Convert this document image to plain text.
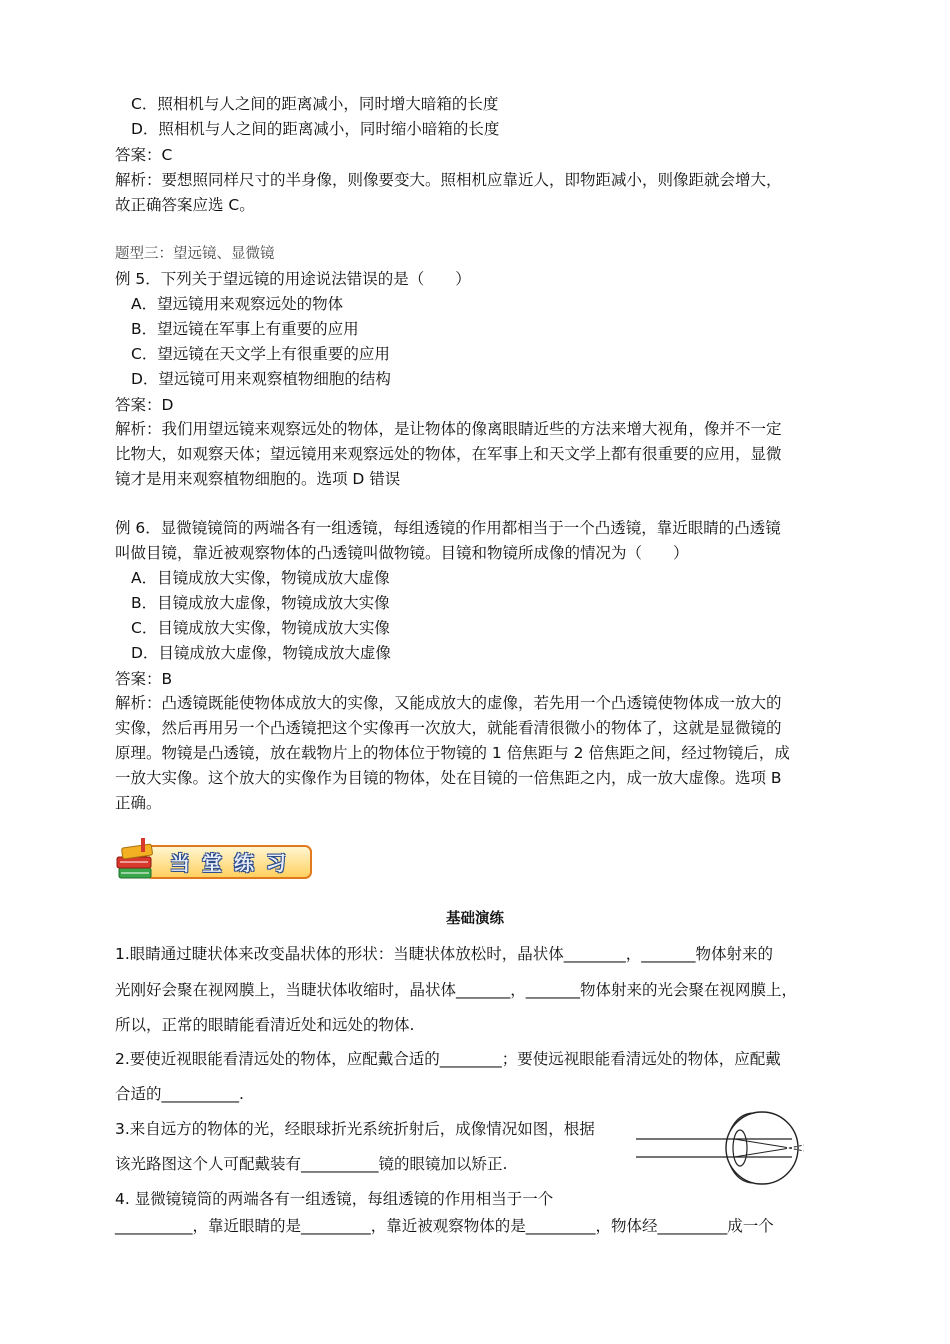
C．照相机与人之间的距离减小，同时增大暗箱的长度
D．照相机与人之间的距离减小，同时缩小暗箱的长度
答案：C
解析：要想照同样尺寸的半身像，则像要变大。照相机应靠近人，即物距减小，则像距就会增大，
故正确答案应选 C。
题型三：望远镜、显微镜
例 5．下列关于望远镜的用途说法错误的是（　　）
A．望远镜用来观察远处的物体
B．望远镜在军事上有重要的应用
C．望远镜在天文学上有很重要的应用
D．望远镜可用来观察植物细胞的结构
答案：D
解析：我们用望远镜来观察远处的物体，是让物体的像离眼睛近些的方法来增大视角，像并不一定
比物大，如观察天体；望远镜用来观察远处的物体，在军事上和天文学上都有很重要的应用，显微
镜才是用来观察植物细胞的。选项 D 错误
例 6．显微镜镜筒的两端各有一组透镜，每组透镜的作用都相当于一个凸透镜，靠近眼睛的凸透镜
叫做目镜，靠近被观察物体的凸透镜叫做物镜。目镜和物镜所成像的情况为（　　）
A．目镜成放大实像，物镜成放大虚像
B．目镜成放大虚像，物镜成放大实像
C．目镜成放大实像，物镜成放大实像
D．目镜成放大虚像，物镜成放大虚像
答案：B
解析：凸透镜既能使物体成放大的实像，又能成放大的虚像，若先用一个凸透镜使物体成一放大的
实像，然后再用另一个凸透镜把这个实像再一次放大，就能看清很微小的物体了，这就是显微镜的
原理。物镜是凸透镜，放在载物片上的物体位于物镜的 1 倍焦距与 2 倍焦距之间，经过物镜后，成
一放大实像。这个放大的实像作为目镜的物体，处在目镜的一倍焦距之内，成一放大虚像。选项 B
正确。
当堂练习
基础演练
1.眼睛通过睫状体来改变晶状体的形状：当睫状体放松时，晶状体________，_______物体射来的
光刚好会聚在视网膜上，当睫状体收缩时，晶状体_______，_______物体射来的光会聚在视网膜上，
所以，正常的眼睛能看清近处和远处的物体.
2.要使近视眼能看清远处的物体，应配戴合适的________；要使远视眼能看清远处的物体，应配戴
合适的__________.
3.来自远方的物体的光，经眼球折光系统折射后，成像情况如图，根据
该光路图这个人可配戴装有__________镜的眼镜加以矫正.
4. 显微镜镜筒的两端各有一组透镜，每组透镜的作用相当于一个
__________，靠近眼睛的是_________，靠近被观察物体的是_________，物体经_________成一个
